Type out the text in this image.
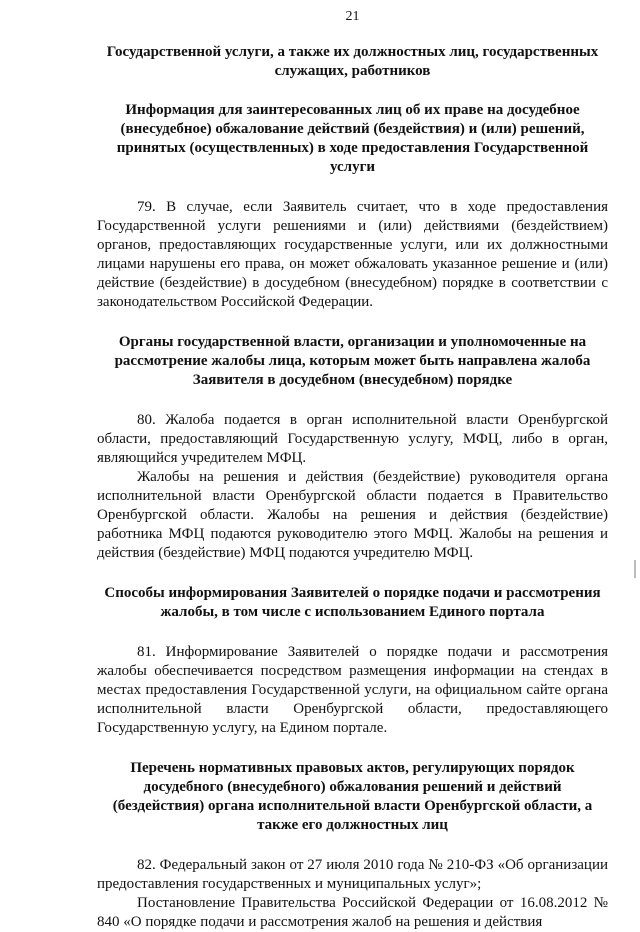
21
Государственной услуги, а также их должностных лиц, государственных служащих, работников
Информация для заинтересованных лиц об их праве на досудебное (внесудебное) обжалование действий (бездействия) и (или) решений, принятых (осуществленных) в ходе предоставления Государственной услуги
79. В случае, если Заявитель считает, что в ходе предоставления Государственной услуги решениями и (или) действиями (бездействием) органов, предоставляющих государственные услуги, или их должностными лицами нарушены его права, он может обжаловать указанное решение и (или) действие (бездействие) в досудебном (внесудебном) порядке в соответствии с законодательством Российской Федерации.
Органы государственной власти, организации и уполномоченные на рассмотрение жалобы лица, которым может быть направлена жалоба Заявителя в досудебном (внесудебном) порядке
80. Жалоба подается в орган исполнительной власти Оренбургской области, предоставляющий Государственную услугу, МФЦ, либо в орган, являющийся учредителем МФЦ.
Жалобы на решения и действия (бездействие) руководителя органа исполнительной власти Оренбургской области подается в Правительство Оренбургской области. Жалобы на решения и действия (бездействие) работника МФЦ подаются руководителю этого МФЦ. Жалобы на решения и действия (бездействие) МФЦ подаются учредителю МФЦ.
Способы информирования Заявителей о порядке подачи и рассмотрения жалобы, в том числе с использованием Единого портала
81. Информирование Заявителей о порядке подачи и рассмотрения жалобы обеспечивается посредством размещения информации на стендах в местах предоставления Государственной услуги, на официальном сайте органа исполнительной власти Оренбургской области, предоставляющего Государственную услугу, на Едином портале.
Перечень нормативных правовых актов, регулирующих порядок досудебного (внесудебного) обжалования решений и действий (бездействия) органа исполнительной власти Оренбургской области, а также его должностных лиц
82. Федеральный закон от 27 июля 2010 года № 210-ФЗ «Об организации предоставления государственных и муниципальных услуг»;
Постановление Правительства Российской Федерации от 16.08.2012 № 840 «О порядке подачи и рассмотрения жалоб на решения и действия
